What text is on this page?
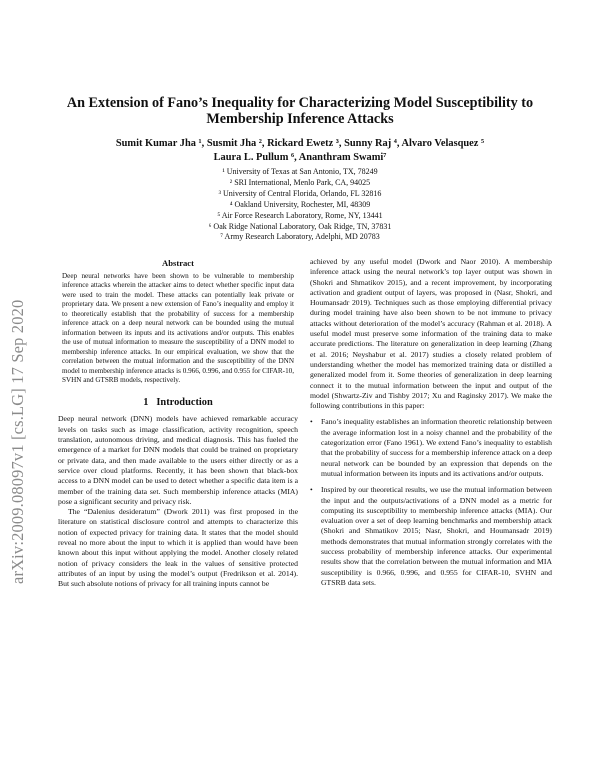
arXiv:2009.08097v1 [cs.LG] 17 Sep 2020
An Extension of Fano’s Inequality for Characterizing Model Susceptibility to Membership Inference Attacks
Sumit Kumar Jha ¹, Susmit Jha ², Rickard Ewetz ³, Sunny Raj ⁴, Alvaro Velasquez ⁵
Laura L. Pullum ⁶, Ananthram Swami⁷
¹ University of Texas at San Antonio, TX, 78249
² SRI International, Menlo Park, CA, 94025
³ University of Central Florida, Orlando, FL 32816
⁴ Oakland University, Rochester, MI, 48309
⁵ Air Force Research Laboratory, Rome, NY, 13441
⁶ Oak Ridge National Laboratory, Oak Ridge, TN, 37831
⁷ Army Research Laboratory, Adelphi, MD 20783
Abstract

Deep neural networks have been shown to be vulnerable to membership inference attacks wherein the attacker aims to detect whether specific input data were used to train the model. These attacks can potentially leak private or proprietary data. We present a new extension of Fano’s inequality and employ it to theoretically establish that the probability of success for a membership inference attack on a deep neural network can be bounded using the mutual information between its inputs and its activations and/or outputs. This enables the use of mutual information to measure the susceptibility of a DNN model to membership inference attacks. In our empirical evaluation, we show that the correlation between the mutual information and the susceptibility of the DNN model to membership inference attacks is 0.966, 0.996, and 0.955 for CIFAR-10, SVHN and GTSRB models, respectively.

1 Introduction

Deep neural network (DNN) models have achieved remarkable accuracy levels on tasks such as image classification, activity recognition, speech translation, autonomous driving, and medical diagnosis. This has fueled the emergence of a market for DNN models that could be trained on proprietary or private data, and then made available to the users either directly or as a service over cloud platforms. Recently, it has been shown that black-box access to a DNN model can be used to detect whether a specific data item is a member of the training data set. Such membership inference attacks (MIA) pose a significant security and privacy risk.

The “Dalenius desideratum” (Dwork 2011) was first proposed in the literature on statistical disclosure control and attempts to characterize this notion of expected privacy for training data. It states that the model should reveal no more about the input to which it is applied than would have been known about this input without applying the model. Another closely related notion of privacy considers the leak in the values of sensitive protected attributes of an input by using the model’s output (Fredrikson et al. 2014). But such absolute notions of privacy for all training inputs cannot be

achieved by any useful model (Dwork and Naor 2010). A membership inference attack using the neural network’s top layer output was shown in (Shokri and Shmatikov 2015), and a recent improvement, by incorporating activation and gradient output of layers, was proposed in (Nasr, Shokri, and Houmansadr 2019). Techniques such as those employing differential privacy during model training have also been shown to be not immune to privacy attacks without deterioration of the model’s accuracy (Rahman et al. 2018). A useful model must preserve some information of the training data to make accurate predictions. The literature on generalization in deep learning (Zhang et al. 2016; Neyshabur et al. 2017) studies a closely related problem of understanding whether the model has memorized training data or distilled a generalized model from it. Some theories of generalization in deep learning connect it to the mutual information between the input and output of the model (Shwartz-Ziv and Tishby 2017; Xu and Raginsky 2017). We make the following contributions in this paper:

• Fano’s inequality establishes an information theoretic relationship between the average information lost in a noisy channel and the probability of the categorization error (Fano 1961). We extend Fano’s inequality to establish that the probability of success for a membership inference attack on a deep neural network can be bounded by an expression that depends on the mutual information between its inputs and its activations and/or outputs.
• Inspired by our theoretical results, we use the mutual information between the input and the outputs/activations of a DNN model as a metric for computing its susceptibility to membership inference attacks (MIA). Our evaluation over a set of deep learning benchmarks and membership attack (Shokri and Shmatikov 2015; Nasr, Shokri, and Houmansadr 2019) methods demonstrates that mutual information strongly correlates with the success probability of membership inference attacks. Our experimental results show that the correlation between the mutual information and MIA susceptibility is 0.966, 0.996, and 0.955 for CIFAR-10, SVHN and GTSRB data sets.
